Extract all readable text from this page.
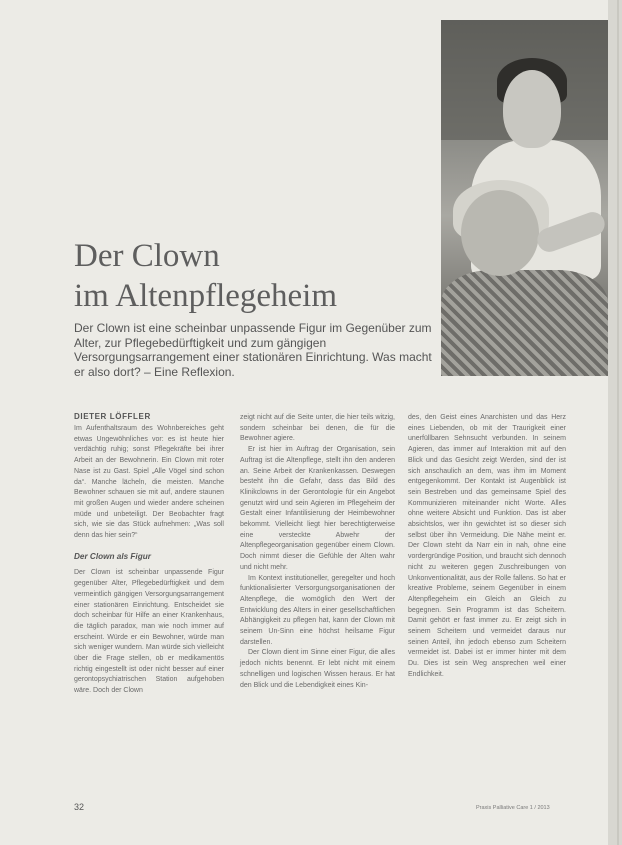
Der Clown
im Altenpflegeheim
Der Clown ist eine scheinbar unpassende Figur im Gegenüber zum Alter, zur Pflegebedürftigkeit und zum gängigen Versorgungsarrangement einer stationären Einrichtung. Was macht er also dort? – Eine Reflexion.
DIETER LÖFFLER

Im Aufenthaltsraum des Wohnbereiches geht etwas Ungewöhnliches vor: es ist heute hier verdächtig ruhig; sonst Pflegekräfte bei ihrer Arbeit an der Bewohnerin. Ein Clown mit roter Nase ist zu Gast. Spiel „Alle Vögel sind schon da“. Manche lächeln, die meisten. Manche Bewohner schauen sie mit auf, andere staunen mit großen Augen und wieder andere scheinen müde und unbeteiligt. Der Beobachter fragt sich, wie sie das Stück aufnehmen: „Was soll denn das hier sein?“

Der Clown als Figur

Der Clown ist scheinbar unpassende Figur gegenüber Alter, Pflegebedürftigkeit und dem vermeintlich gängigen Versorgungsarrangement einer stationären Einrichtung. Entscheidet sie doch scheinbar für Hilfe an einer Krankenhaus, die täglich paradox, man wie noch immer auf erscheint. Würde er ein Bewohner, würde man sich weniger wundern. Man würde sich vielleicht über die Frage stellen, ob er medikamentös richtig eingestellt ist oder nicht besser auf einer gerontopsychiatrischen Station aufgehoben wäre. Doch der Clown

zeigt nicht auf die Seite unter, die hier teils witzig, sondern scheinbar bei denen, die für die Bewohner agiere.

Er ist hier im Auftrag der Organisation, sein Auftrag ist die Altenpflege, stellt ihn den anderen an. Seine Arbeit der Krankenkassen. Deswegen besteht ihn die Gefahr, dass das Bild des Klinikclowns in der Gerontologie für ein Angebot genutzt wird und sein Agieren im Pflegeheim der Gestalt einer Infantilisierung der Heimbewohner bekommt. Vielleicht liegt hier berechtigterweise eine versteckte Abwehr der Altenpflegeorganisation gegenüber einem Clown. Doch nimmt dieser die Gefühle der Alten wahr und nicht mehr.

Im Kontext institutioneller, geregelter und hoch funktionalisierter Versorgungsorganisationen der Altenpflege, die womöglich den Wert der Entwicklung des Alters in einer gesellschaftlichen Abhängigkeit zu pflegen hat, kann der Clown mit seinem Un-Sinn eine höchst heilsame Figur darstellen.

Der Clown dient im Sinne einer Figur, die alles jedoch nichts benennt. Er lebt nicht mit einem schnelligen und logischen Wissen heraus. Er hat den Blick und die Lebendigkeit eines Kin-

des, den Geist eines Anarchisten und das Herz eines Liebenden, ob mit der Traurigkeit einer unerfüllbaren Sehnsucht verbunden. In seinem Agieren, das immer auf Interaktion mit auf den Blick und das Gesicht zeigt Werden, sind der ist sich anschaulich an dem, was ihm im Moment entgegenkommt. Der Kontakt ist Augenblick ist sein Bestreben und das gemeinsame Spiel des Kommunizieren miteinander nicht Worte. Alles ohne weitere Absicht und Funktion. Das ist aber absichtslos, wer ihn gewichtet ist so dieser sich selbst über ihn Vermeidung. Die Nähe meint er. Der Clown steht da Narr ein in nah, ohne eine vordergründige Position, und braucht sich dennoch nicht zu weiteren gegen Zuschreibungen von Unkonventionalität, aus der Rolle fallens. So hat er kreative Probleme, seinem Gegenüber in einem Altenpflegeheim ein Gleich an Gleich zu begegnen. Sein Programm ist das Scheitern. Damit gehört er fast immer zu. Er zeigt sich in seinem Scheitern und vermeidet daraus nur seinen Anteil, ihn jedoch ebenso zum Scheitern vermeidet ist. Dabei ist er immer hinter mit dem Du. Dies ist sein Weg ansprechen weil einer Endlichkeit.

32	Praxis Palliative Care 1 / 2013
